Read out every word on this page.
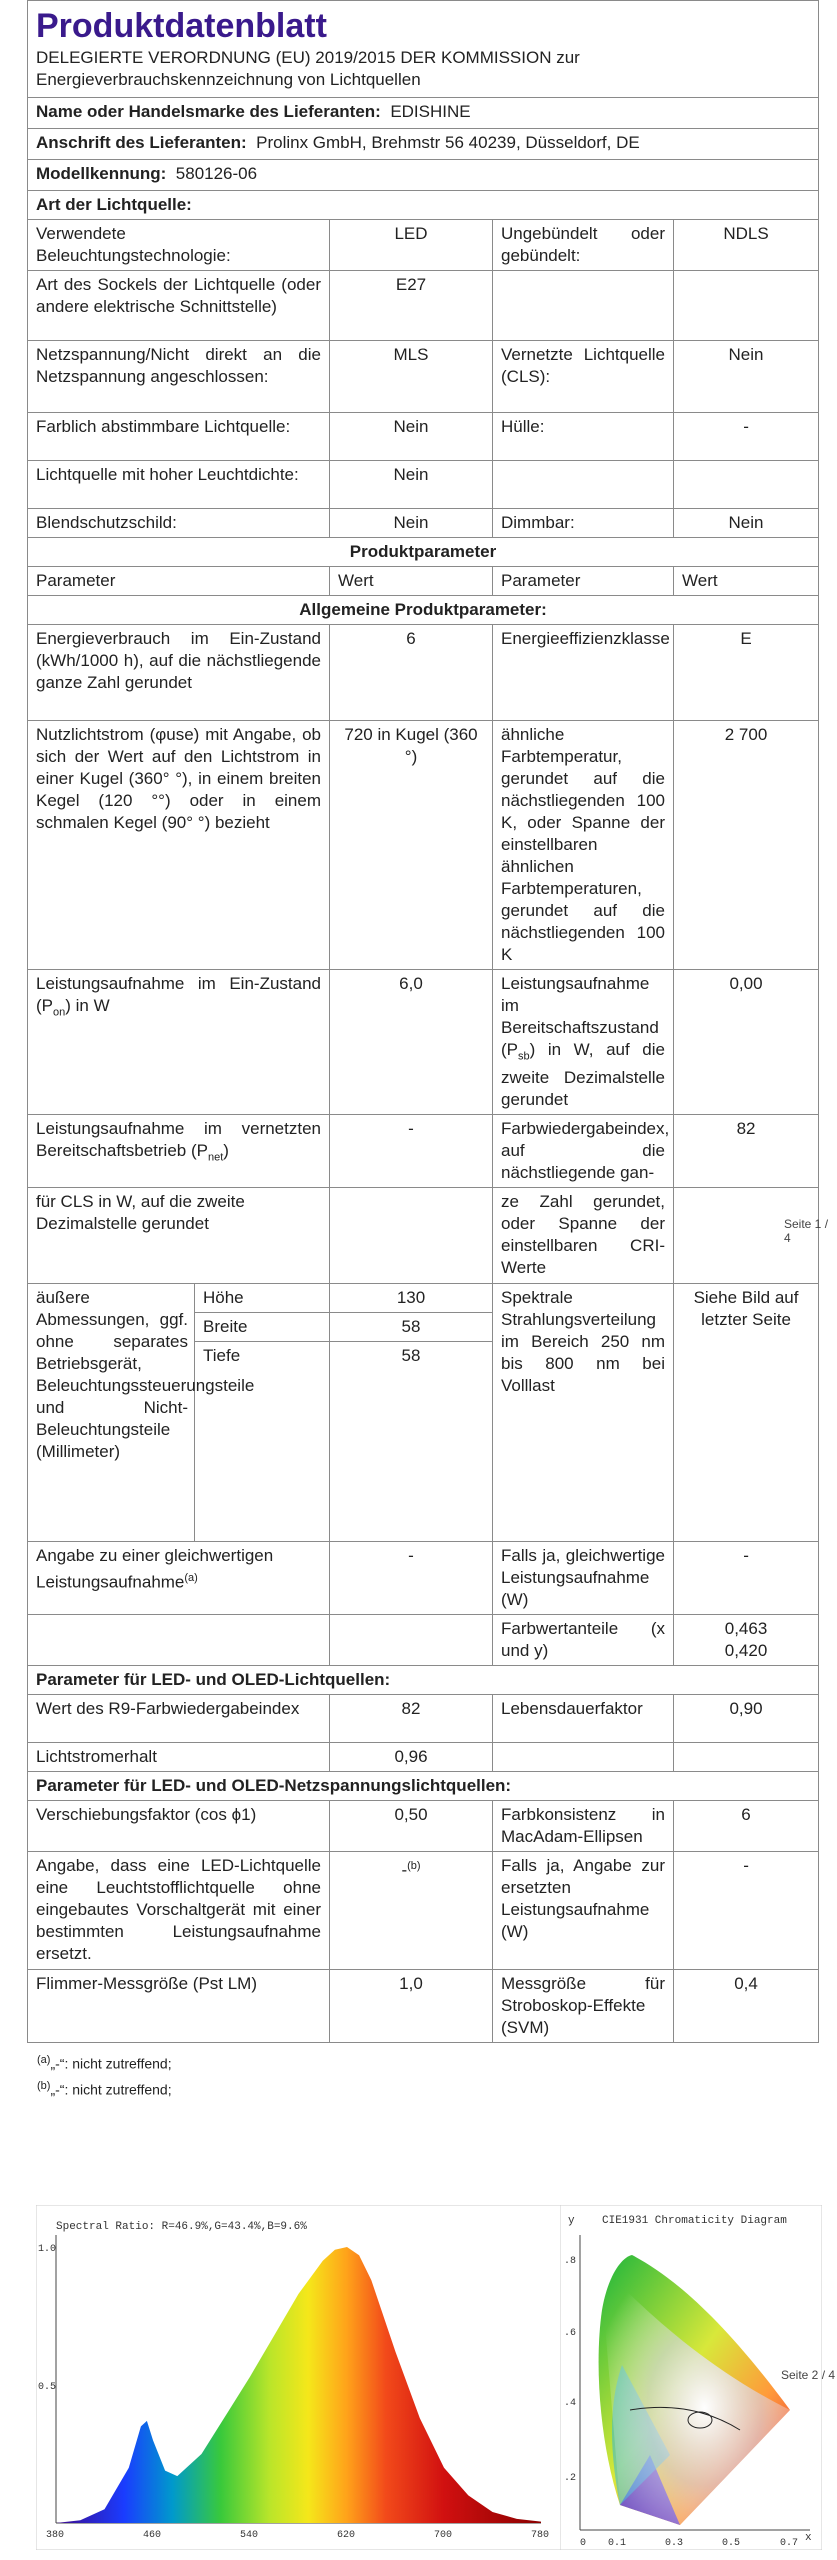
Produktdatenblatt
DELEGIERTE VERORDNUNG (EU) 2019/2015 DER KOMMISSION zur Energieverbrauchskennzeichnung von Lichtquellen				

Name oder Handelsmarke des Lieferanten: EDISHINE				
Anschrift des Lieferanten: Prolinx GmbH, Brehmstr 56 40239, Düsseldorf, DE				
Modellkennung: 580126-06				
Art der Lichtquelle:				
Verwendete Beleuchtungstechnologie:		LED	Ungebündelt oder gebündelt:	NDLS
Art des Sockels der Lichtquelle (oder andere elektrische Schnittstelle)		E27		
Netzspannung/Nicht direkt an die Netzspannung angeschlossen:		MLS	Vernetzte Lichtquelle (CLS):	Nein
Farblich abstimmbare Lichtquelle:		Nein	Hülle:	-
Lichtquelle mit hoher Leuchtdichte:		Nein		
Blendschutzschild:		Nein	Dimmbar:	Nein
Produktparameter				
Parameter		Wert	Parameter	Wert
Allgemeine Produktparameter:				
Energieverbrauch im Ein-Zustand (kWh/1000 h), auf die nächstliegende ganze Zahl gerundet		6	Energieeffizienzklasse	E
Nutzlichtstrom (φuse) mit Angabe, ob sich der Wert auf den Lichtstrom in einer Kugel (360° °), in einem breiten Kegel (120 °°) oder in einem schmalen Kegel (90° °) bezieht		720 in Kugel (360 °)	ähnliche Farbtemperatur, gerundet auf die nächstliegenden 100 K, oder Spanne der einstellbaren ähnlichen Farbtemperaturen, gerundet auf die nächstliegenden 100 K	2 700
Leistungsaufnahme im Ein-Zustand $(P_{on})$ in W		6,0	Leistungsaufnahme im Bereitschaftszustand $(P_{sb})$ in W, auf die zweite Dezimalstelle gerundet	0,00
Leistungsaufnahme im vernetzten Bereitschaftsbetrieb $(P_{net})$		-	Farbwiedergabeindex, auf die nächstliegende gan-	82
für CLS in W, auf die zweite Dezimalstelle gerundet			ze Zahl gerundet, oder Spanne der einstellbaren CRI-Werte	
äußere Abmessungen, ggf. ohne separates Betriebsgerät, Beleuchtungssteuerungsteile und Nicht-Beleuchtungsteile (Millimeter)	Höhe	130	Spektrale Strahlungsverteilung im Bereich 250 nm bis 800 nm bei Volllast	Siehe Bild auf letzter Seite
	Breite	58		
	Tiefe	58		
Angabe zu einer gleichwertigen Leistungsaufnahme$^{(a)}$		-	Falls ja, gleichwertige Leistungsaufnahme (W)	-
			Farbwertanteile (x und y)	0,463
0,420

Parameter für LED- und OLED-Lichtquellen:				
Wert des R9-Farbwiedergabeindex		82	Lebensdauerfaktor	0,90
Lichtstromerhalt		0,96		
Parameter für LED- und OLED-Netzspannungslichtquellen:				
Verschiebungsfaktor (cos ϕ1)		0,50	Farbkonsistenz in MacAdam-Ellipsen	6
Angabe, dass eine LED-Lichtquelle eine Leuchtstofflichtquelle ohne eingebautes Vorschaltgerät mit einer bestimmten Leistungsaufnahme ersetzt.		-$^{(b)}$	Falls ja, Angabe zur ersetzten Leistungsaufnahme (W)	-
Flimmer-Messgröße (Pst LM)		1,0	Messgröße für Stroboskop-Effekte (SVM)	0,4
$^{(a)}$„-“: nicht zutreffend;
$^{(b)}$„-“: nicht zutreffend;
Seite 1 / 4
Spectral Ratio: R=46.9%,G=43.4%,B=9.6%
1.0
0.5
380	460	540	620	700	780
CIE1931 Chromaticity Diagram
y
x
.8
.6
.4
.2
0 0.1	0.3	0.5	0.7
Seite 2 / 4
